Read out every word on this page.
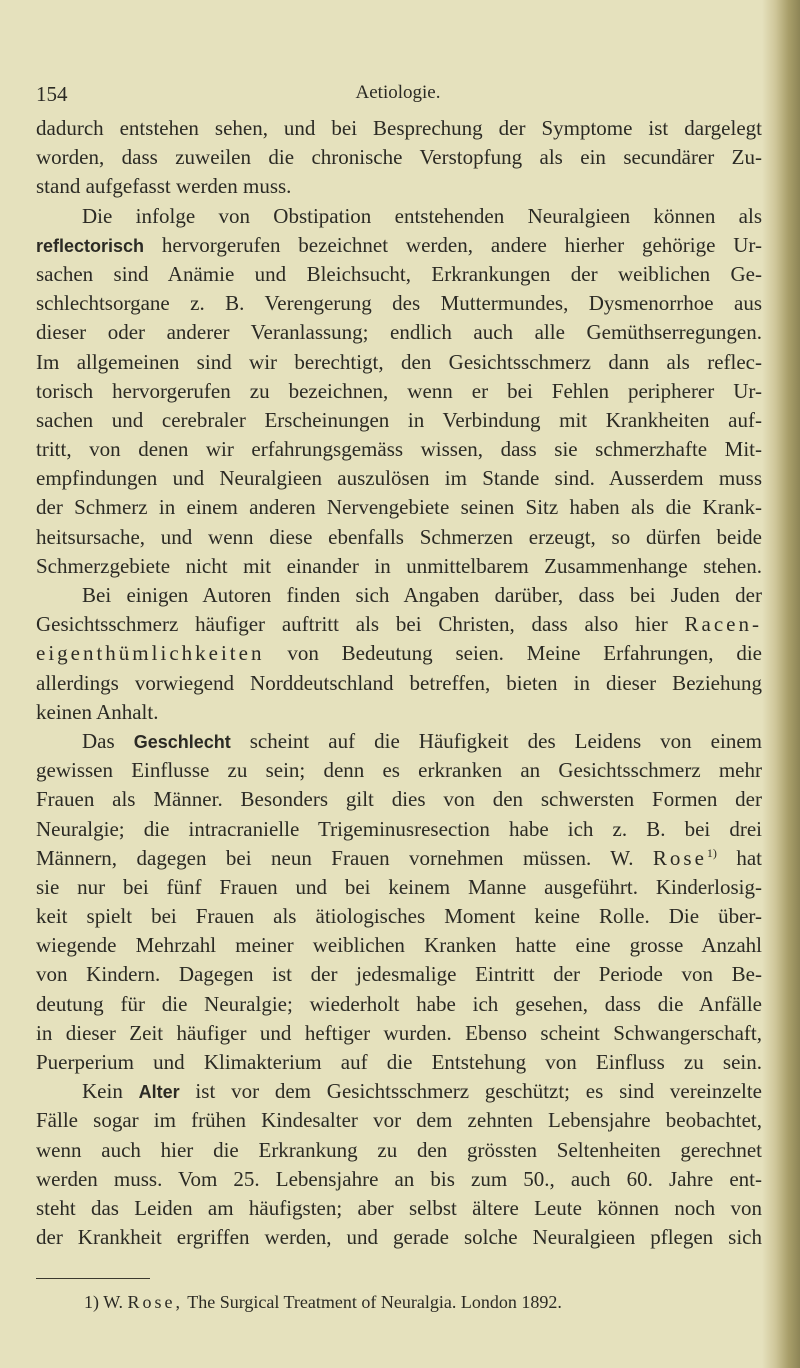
154	Aetiologie.
dadurch entstehen sehen, und bei Besprechung der Symptome ist dargelegt
worden, dass zuweilen die chronische Verstopfung als ein secundärer Zu-
stand aufgefasst werden muss.
Die infolge von Obstipation entstehenden Neuralgieen können als
reflectorisch hervorgerufen bezeichnet werden, andere hierher gehörige Ur-
sachen sind Anämie und Bleichsucht, Erkrankungen der weiblichen Ge-
schlechtsorgane z. B. Verengerung des Muttermundes, Dysmenorrhoe aus
dieser oder anderer Veranlassung; endlich auch alle Gemüthserregungen.
Im allgemeinen sind wir berechtigt, den Gesichtsschmerz dann als reflec-
torisch hervorgerufen zu bezeichnen, wenn er bei Fehlen peripherer Ur-
sachen und cerebraler Erscheinungen in Verbindung mit Krankheiten auf-
tritt, von denen wir erfahrungsgemäss wissen, dass sie schmerzhafte Mit-
empfindungen und Neuralgieen auszulösen im Stande sind. Ausserdem muss
der Schmerz in einem anderen Nervengebiete seinen Sitz haben als die Krank-
heitsursache, und wenn diese ebenfalls Schmerzen erzeugt, so dürfen beide
Schmerzgebiete nicht mit einander in unmittelbarem Zusammenhange stehen.
Bei einigen Autoren finden sich Angaben darüber, dass bei Juden der
Gesichtsschmerz häufiger auftritt als bei Christen, dass also hier Racen-
eigenthümlichkeiten von Bedeutung seien. Meine Erfahrungen, die
allerdings vorwiegend Norddeutschland betreffen, bieten in dieser Beziehung
keinen Anhalt.
Das Geschlecht scheint auf die Häufigkeit des Leidens von einem
gewissen Einflusse zu sein; denn es erkranken an Gesichtsschmerz mehr
Frauen als Männer. Besonders gilt dies von den schwersten Formen der
Neuralgie; die intracranielle Trigeminusresection habe ich z. B. bei drei
Männern, dagegen bei neun Frauen vornehmen müssen. W. Rose$^{1)}$ hat
sie nur bei fünf Frauen und bei keinem Manne ausgeführt. Kinderlosig-
keit spielt bei Frauen als ätiologisches Moment keine Rolle. Die über-
wiegende Mehrzahl meiner weiblichen Kranken hatte eine grosse Anzahl
von Kindern. Dagegen ist der jedesmalige Eintritt der Periode von Be-
deutung für die Neuralgie; wiederholt habe ich gesehen, dass die Anfälle
in dieser Zeit häufiger und heftiger wurden. Ebenso scheint Schwangerschaft,
Puerperium und Klimakterium auf die Entstehung von Einfluss zu sein.
Kein Alter ist vor dem Gesichtsschmerz geschützt; es sind vereinzelte
Fälle sogar im frühen Kindesalter vor dem zehnten Lebensjahre beobachtet,
wenn auch hier die Erkrankung zu den grössten Seltenheiten gerechnet
werden muss. Vom 25. Lebensjahre an bis zum 50., auch 60. Jahre ent-
steht das Leiden am häufigsten; aber selbst ältere Leute können noch von
der Krankheit ergriffen werden, und gerade solche Neuralgieen pflegen sich
1) W. Rose, The Surgical Treatment of Neuralgia. London 1892.
